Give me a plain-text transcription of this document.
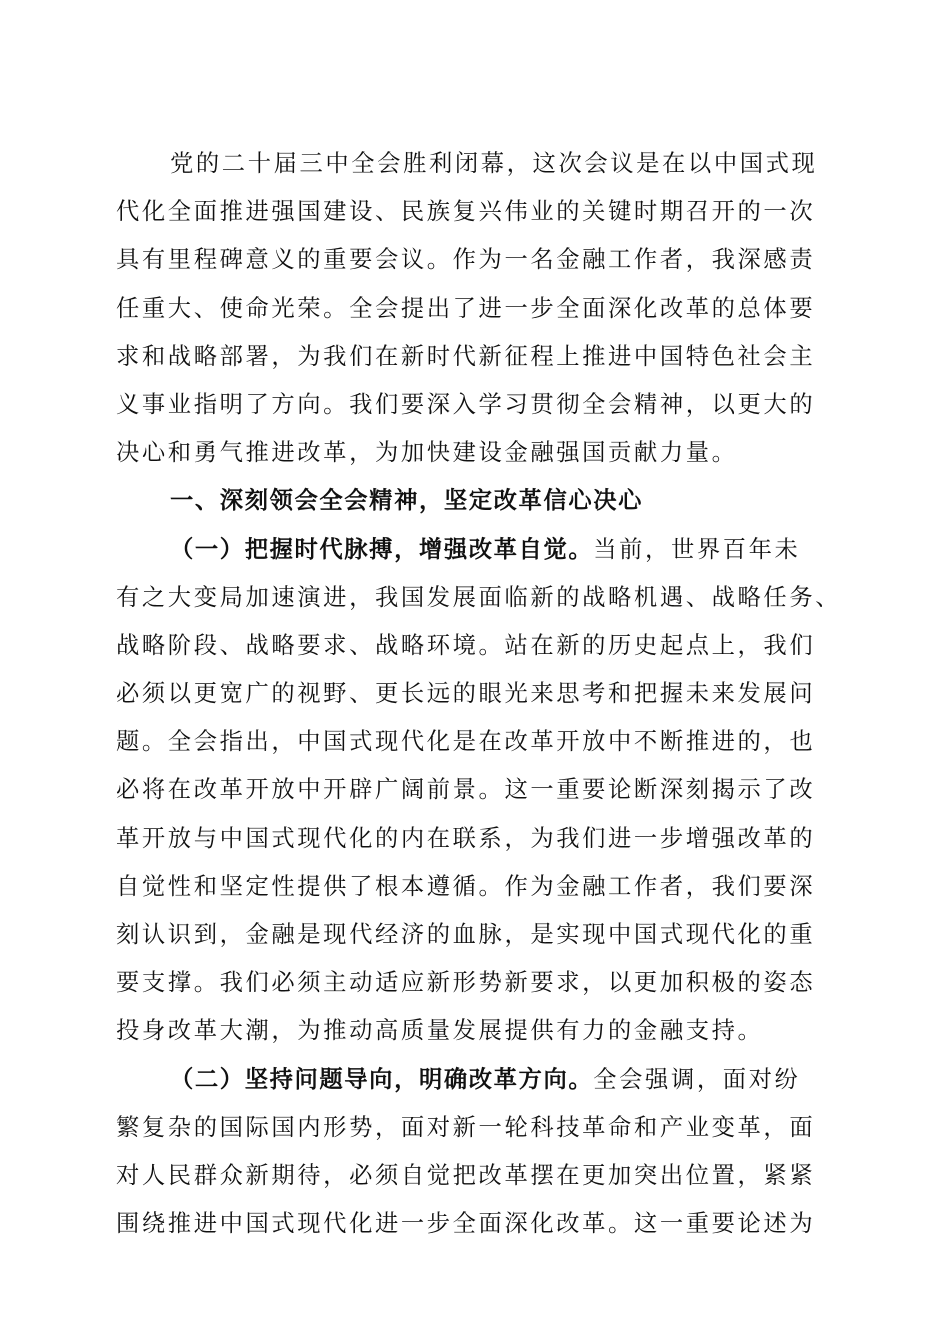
党的二十届三中全会胜利闭幕，这次会议是在以中国式现
代化全面推进强国建设、民族复兴伟业的关键时期召开的一次
具有里程碑意义的重要会议。作为一名金融工作者，我深感责
任重大、使命光荣。全会提出了进一步全面深化改革的总体要
求和战略部署，为我们在新时代新征程上推进中国特色社会主
义事业指明了方向。我们要深入学习贯彻全会精神，以更大的
决心和勇气推进改革，为加快建设金融强国贡献力量。
一、深刻领会全会精神，坚定改革信心决心
（一）把握时代脉搏，增强改革自觉。当前，世界百年未
有之大变局加速演进，我国发展面临新的战略机遇、战略任务、
战略阶段、战略要求、战略环境。站在新的历史起点上，我们
必须以更宽广的视野、更长远的眼光来思考和把握未来发展问
题。全会指出，中国式现代化是在改革开放中不断推进的，也
必将在改革开放中开辟广阔前景。这一重要论断深刻揭示了改
革开放与中国式现代化的内在联系，为我们进一步增强改革的
自觉性和坚定性提供了根本遵循。作为金融工作者，我们要深
刻认识到，金融是现代经济的血脉，是实现中国式现代化的重
要支撑。我们必须主动适应新形势新要求，以更加积极的姿态
投身改革大潮，为推动高质量发展提供有力的金融支持。
（二）坚持问题导向，明确改革方向。全会强调，面对纷
繁复杂的国际国内形势，面对新一轮科技革命和产业变革，面
对人民群众新期待，必须自觉把改革摆在更加突出位置，紧紧
围绕推进中国式现代化进一步全面深化改革。这一重要论述为
